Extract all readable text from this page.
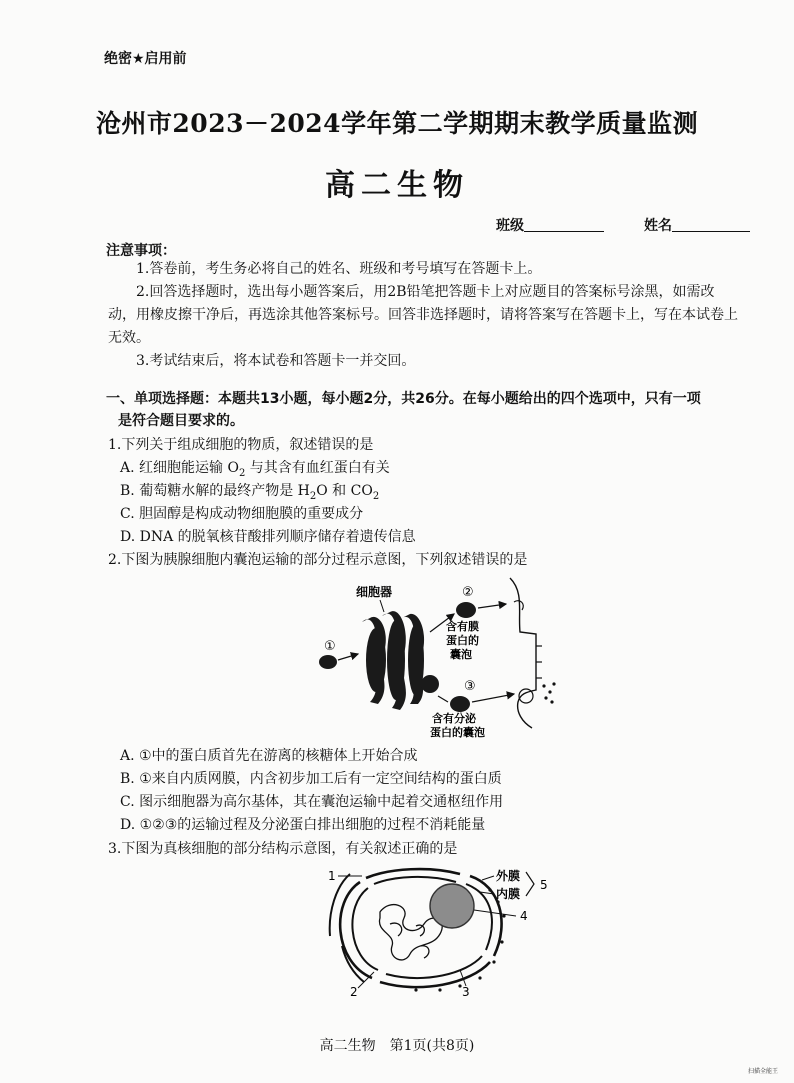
绝密★启用前
沧州市2023－2024学年第二学期期末教学质量监测
高二生物
班级	姓名
注意事项：
1.答卷前，考生务必将自己的姓名、班级和考号填写在答题卡上。
2.回答选择题时，选出每小题答案后，用2B铅笔把答题卡上对应题目的答案标号涂黑，如需改动，用橡皮擦干净后，再选涂其他答案标号。回答非选择题时，请将答案写在答题卡上，写在本试卷上无效。
3.考试结束后，将本试卷和答题卡一并交回。
一、单项选择题：本题共13小题，每小题2分，共26分。在每小题给出的四个选项中，只有一项
是符合题目要求的。
1.下列关于组成细胞的物质，叙述错误的是
A. 红细胞能运输 $O_2$ 与其含有血红蛋白有关
B. 葡萄糖水解的最终产物是 $H_2O$ 和 $CO_2$
C. 胆固醇是构成动物细胞膜的重要成分
D. DNA 的脱氧核苷酸排列顺序储存着遗传信息
2.下图为胰腺细胞内囊泡运输的部分过程示意图，下列叙述错误的是
细胞器
①
②
含有膜
蛋白的
囊泡
③
含有分泌
蛋白的囊泡
A. ①中的蛋白质首先在游离的核糖体上开始合成
B. ①来自内质网膜，内含初步加工后有一定空间结构的蛋白质
C. 图示细胞器为高尔基体，其在囊泡运输中起着交通枢纽作用
D. ①②③的运输过程及分泌蛋白排出细胞的过程不消耗能量
3.下图为真核细胞的部分结构示意图，有关叙述正确的是
1
2	3
4
外膜
内膜
5
高二生物　第1页(共8页)
扫描全能王
